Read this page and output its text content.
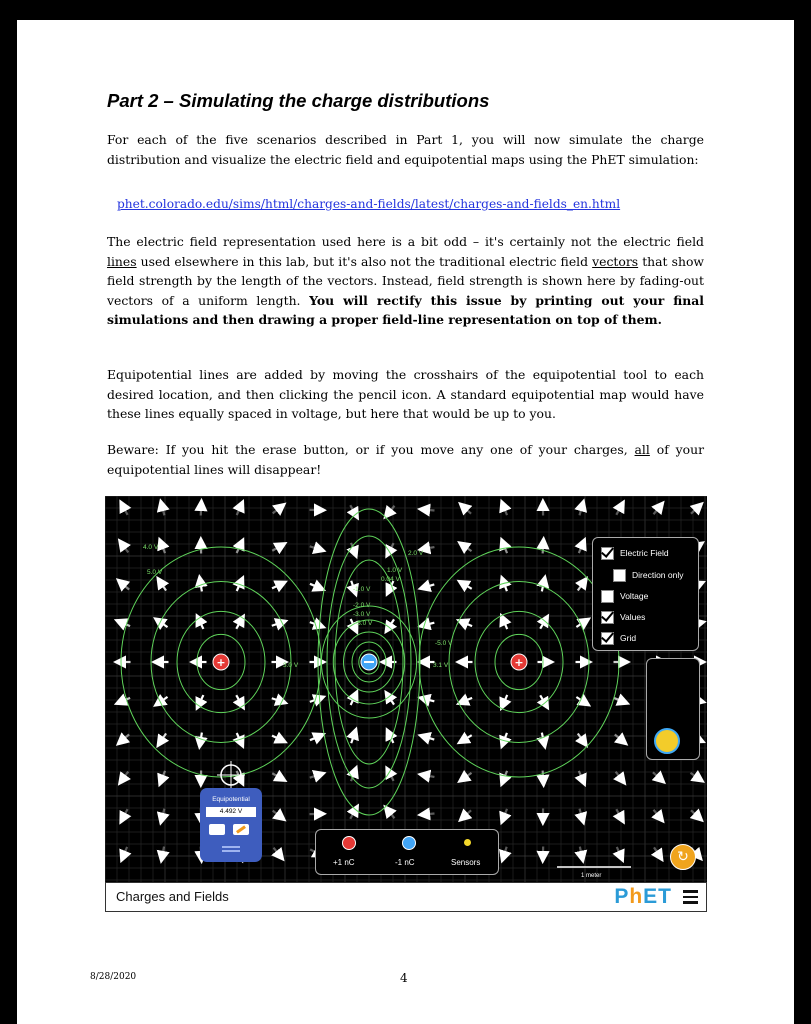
Part 2 – Simulating the charge distributions

For each of the five scenarios described in Part 1, you will now simulate the charge distribution and visualize the electric field and equipotential maps using the PhET simulation:

phet.colorado.edu/sims/html/charges-and-fields/latest/charges-and-fields_en.html

The electric field representation used here is a bit odd – it's certainly not the electric field lines used elsewhere in this lab, but it's also not the traditional electric field vectors that show field strength by the length of the vectors. Instead, field strength is shown here by fading-out vectors of a uniform length. You will rectify this issue by printing out your final simulations and then drawing a proper field-line representation on top of them.

Equipotential lines are added by moving the crosshairs of the equipotential tool to each desired location, and then clicking the pencil icon. A standard equipotential map would have these lines equally spaced in voltage, but here that would be up to you.

Beware: If you hit the erase button, or if you move any one of your charges, all of your equipotential lines will disappear!

8/28/2020	4
+	+
4.0 V
5.0 V
2.0 V
1.0 V
0.04 V
-1.0 V
-2.0 V
-3.0 V
-5.0 V
3.0 V
-5.0 V
3.1 V
Electric Field
Direction only
Voltage
Values
Grid
Equipotential
4.492 V
+1 nC	-1 nC	Sensors
1 meter
↻
Charges and Fields	PhET
